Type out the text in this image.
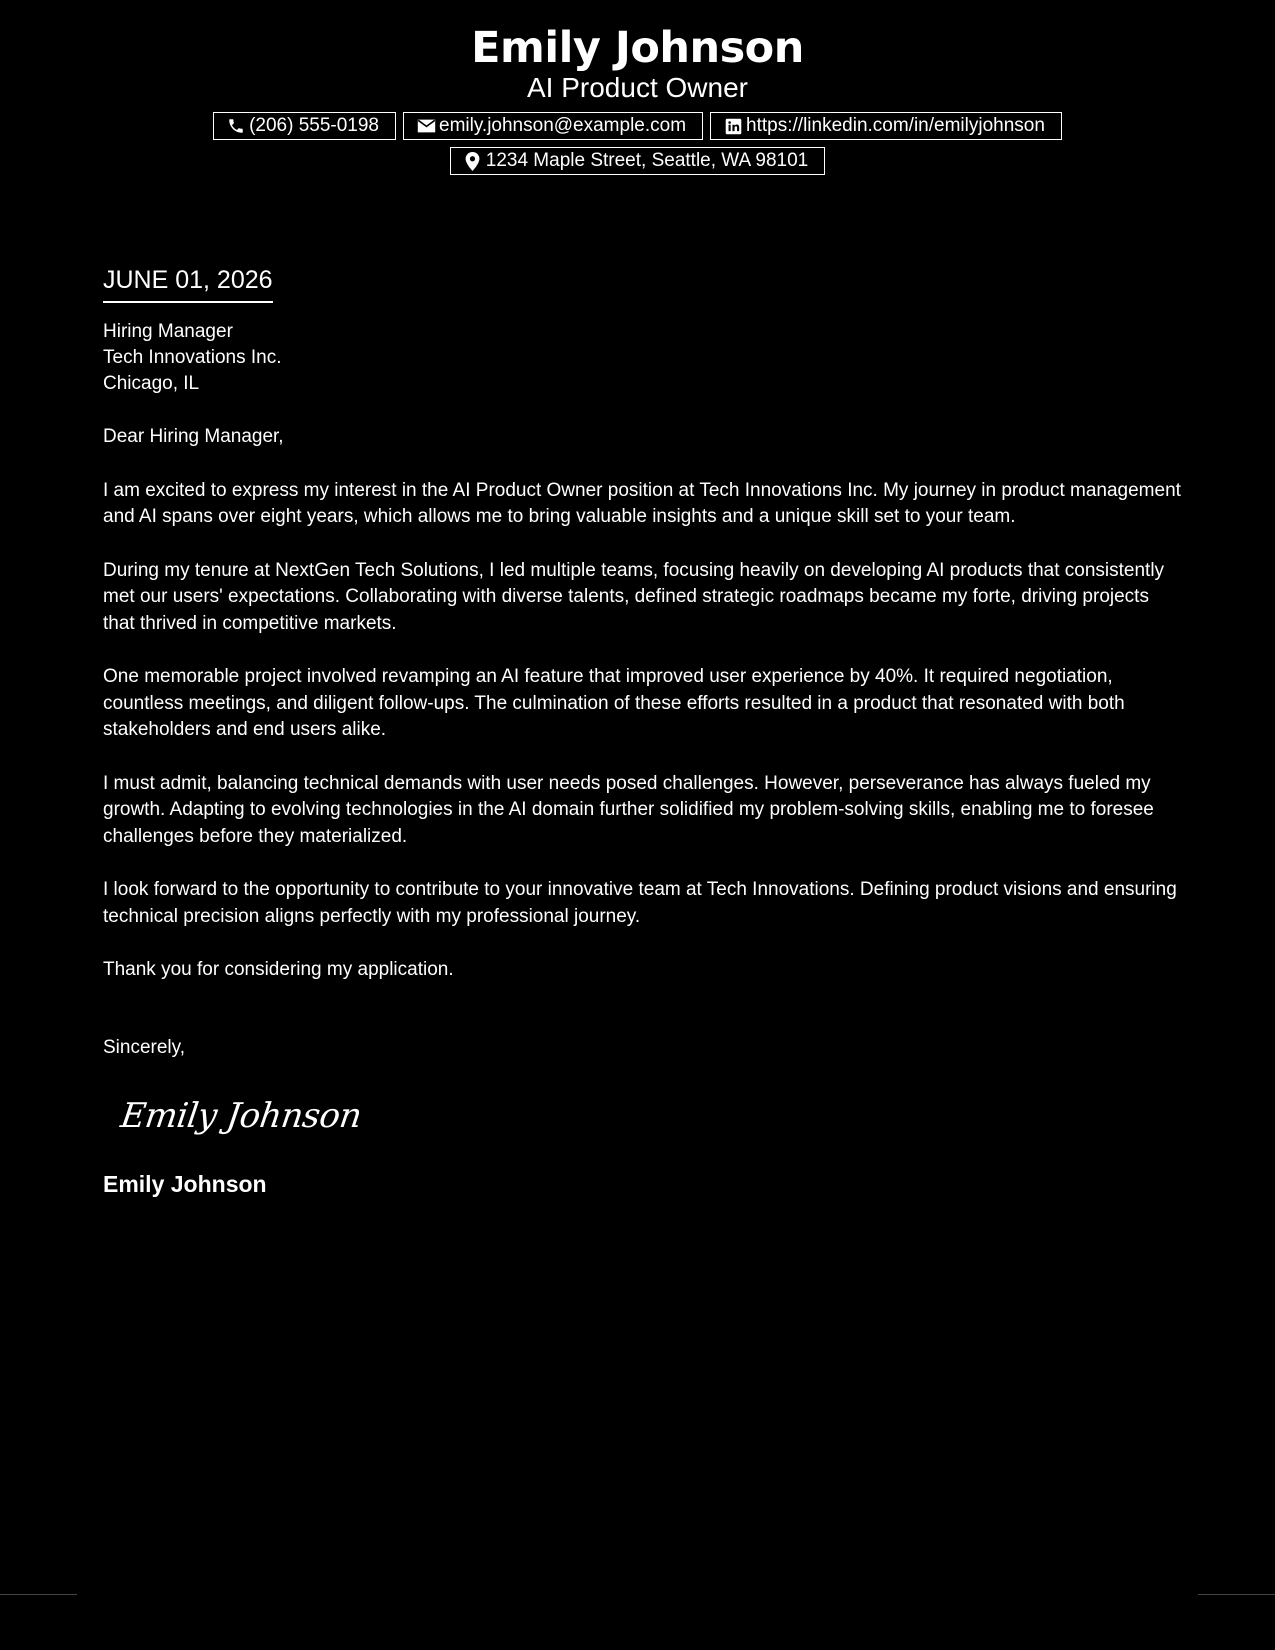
Emily Johnson
AI Product Owner
(206) 555-0198	emily.johnson@example.com	https://linkedin.com/in/emilyjohnson
1234 Maple Street, Seattle, WA 98101
JUNE 01, 2026
Hiring Manager
Tech Innovations Inc.
Chicago, IL
Dear Hiring Manager,

I am excited to express my interest in the AI Product Owner position at Tech Innovations Inc. My journey in product management and AI spans over eight years, which allows me to bring valuable insights and a unique skill set to your team.

During my tenure at NextGen Tech Solutions, I led multiple teams, focusing heavily on developing AI products that consistently met our users' expectations. Collaborating with diverse talents, defined strategic roadmaps became my forte, driving projects that thrived in competitive markets.

One memorable project involved revamping an AI feature that improved user experience by 40%. It required negotiation, countless meetings, and diligent follow-ups. The culmination of these efforts resulted in a product that resonated with both stakeholders and end users alike.

I must admit, balancing technical demands with user needs posed challenges. However, perseverance has always fueled my growth. Adapting to evolving technologies in the AI domain further solidified my problem-solving skills, enabling me to foresee challenges before they materialized.

I look forward to the opportunity to contribute to your innovative team at Tech Innovations. Defining product visions and ensuring technical precision aligns perfectly with my professional journey.

Thank you for considering my application.

Sincerely,
Emily Johnson
Emily Johnson
